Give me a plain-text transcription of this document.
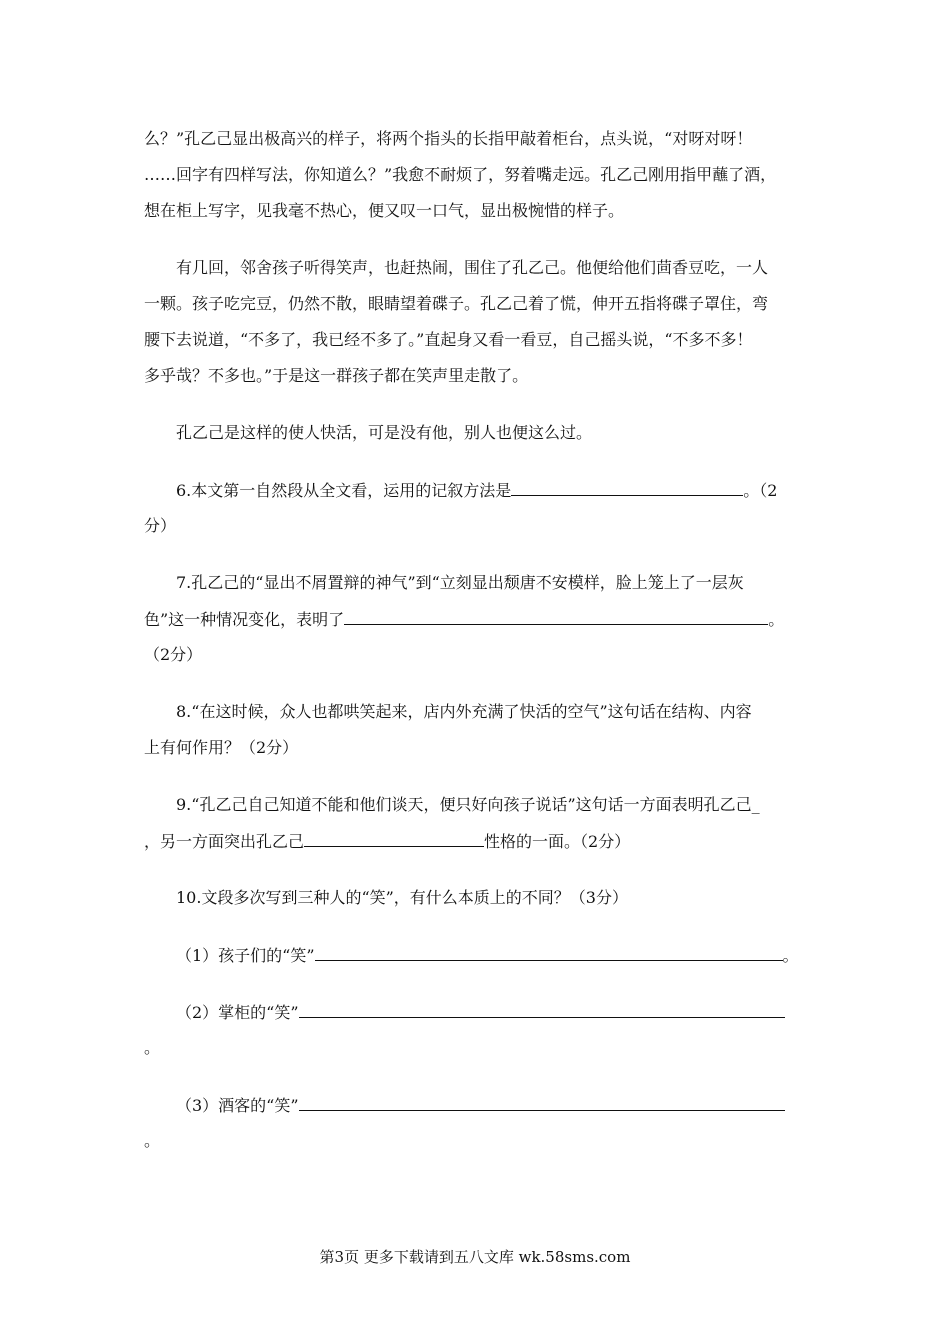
么？”孔乙己显出极高兴的样子，将两个指头的长指甲敲着柜台，点头说，“对呀对呀！
……回字有四样写法，你知道么？”我愈不耐烦了，努着嘴走远。孔乙己刚用指甲蘸了酒，
想在柜上写字，见我毫不热心，便又叹一口气，显出极惋惜的样子。
有几回，邻舍孩子听得笑声，也赶热闹，围住了孔乙己。他便给他们茴香豆吃，一人
一颗。孩子吃完豆，仍然不散，眼睛望着碟子。孔乙己着了慌，伸开五指将碟子罩住，弯
腰下去说道，“不多了，我已经不多了。”直起身又看一看豆，自己摇头说，“不多不多！
多乎哉？不多也。”于是这一群孩子都在笑声里走散了。
孔乙己是这样的使人快活，可是没有他，别人也便这么过。
6.本文第一自然段从全文看，运用的记叙方法是	。（2
分）
7.孔乙己的“显出不屑置辩的神气”到“立刻显出颓唐不安模样，脸上笼上了一层灰
色”这一种情况变化，表明了	。
（2分）
8.“在这时候，众人也都哄笑起来，店内外充满了快活的空气”这句话在结构、内容
上有何作用？（2分）
9.“孔乙己自己知道不能和他们谈天，便只好向孩子说话”这句话一方面表明孔乙己_
，另一方面突出孔乙己	性格的一面。（2分）
10.文段多次写到三种人的“笑”，有什么本质上的不同？（3分）
（1）孩子们的“笑”	。
（2）掌柜的“笑”
。
（3）酒客的“笑”
。
第3页 更多下载请到五八文库 wk.58sms.com
